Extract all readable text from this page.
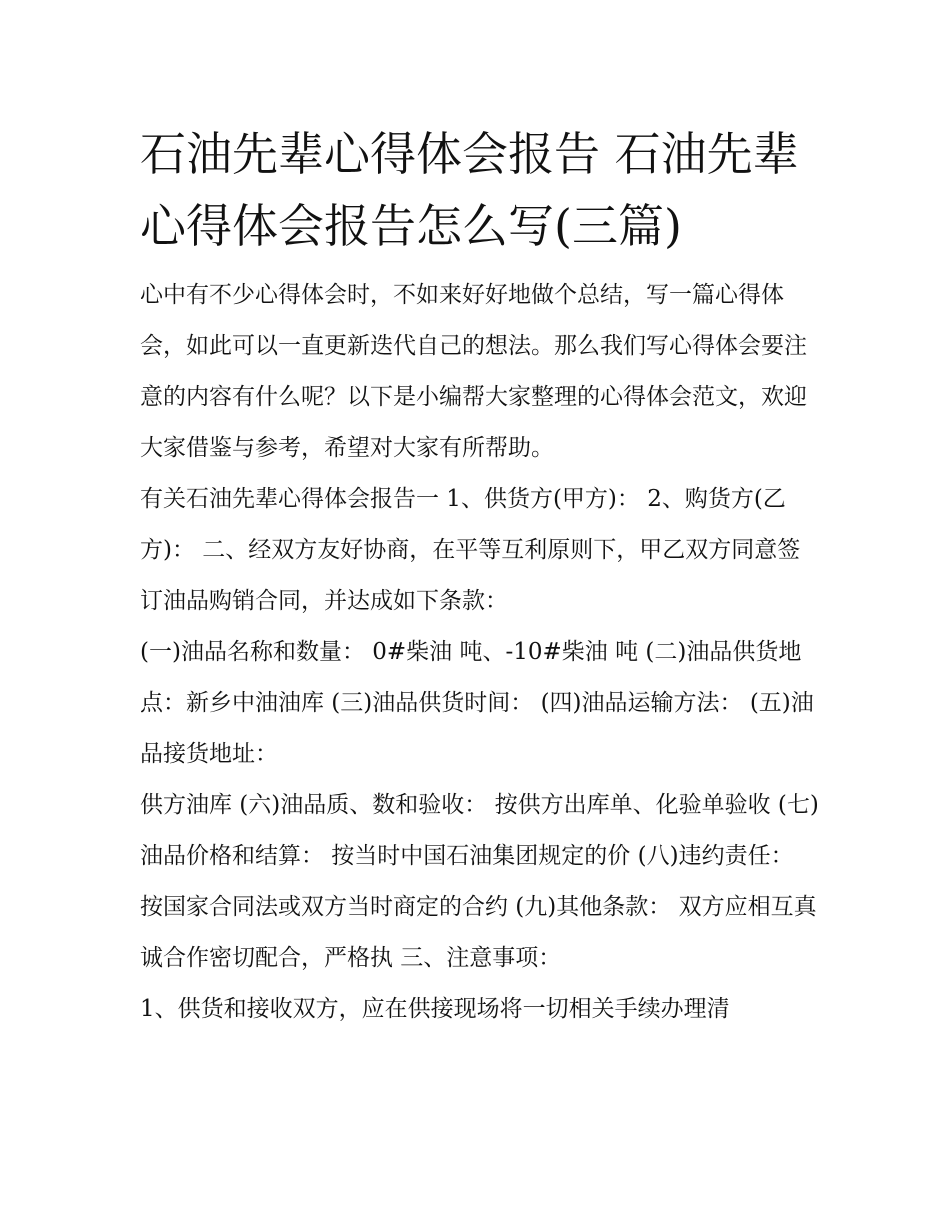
石油先辈心得体会报告 石油先辈心得体会报告怎么写(三篇)

心中有不少心得体会时，不如来好好地做个总结，写一篇心得体会，如此可以一直更新迭代自己的想法。那么我们写心得体会要注意的内容有什么呢？以下是小编帮大家整理的心得体会范文，欢迎大家借鉴与参考，希望对大家有所帮助。

有关石油先辈心得体会报告一 1、供货方(甲方)： 2、购货方(乙方)： 二、经双方友好协商，在平等互利原则下，甲乙双方同意签订油品购销合同，并达成如下条款：

(一)油品名称和数量： 0#柴油 吨、-10#柴油 吨 (二)油品供货地点：新乡中油油库 (三)油品供货时间： (四)油品运输方法： (五)油品接货地址：

供方油库 (六)油品质、数和验收： 按供方出库单、化验单验收 (七)油品价格和结算： 按当时中国石油集团规定的价 (八)违约责任：

按国家合同法或双方当时商定的合约 (九)其他条款： 双方应相互真诚合作密切配合，严格执 三、注意事项：

1、供货和接收双方，应在供接现场将一切相关手续办理清
